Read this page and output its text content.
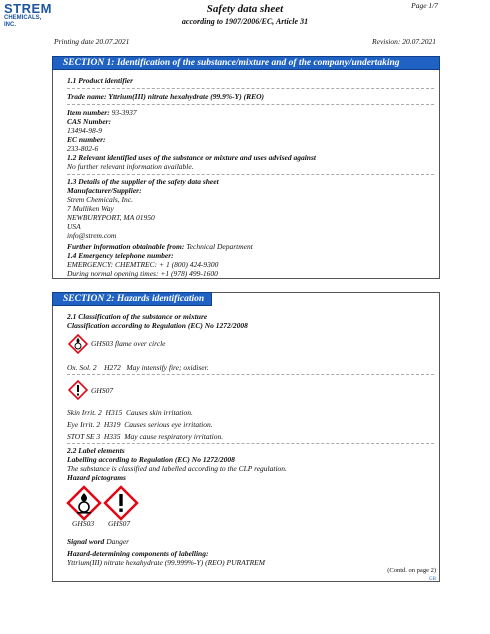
STREM
CHEMICALS, INC.
Safety data sheet
according to 1907/2006/EC, Article 31
Page 1/7
Printing date 20.07.2021	Revision: 20.07.2021
SECTION 1: Identification of the substance/mixture and of the company/undertaking
1.1 Product identifier
Trade name: Yttrium(III) nitrate hexahydrate (99.9%-Y) (REO)
Item number: 93-3937
CAS Number:
13494-98-9
EC number:
233-802-6
1.2 Relevant identified uses of the substance or mixture and uses advised against
No further relevant information available.
1.3 Details of the supplier of the safety data sheet
Manufacturer/Supplier:
Strem Chemicals, Inc.
7 Mulliken Way
NEWBURYPORT, MA 01950
USA
info@strem.com
Further information obtainable from: Technical Department
1.4 Emergency telephone number:
EMERGENCY: CHEMTREC: + 1 (800) 424-9300
During normal opening times: +1 (978) 499-1600
SECTION 2: Hazards identification
2.1 Classification of the substance or mixture
Classification according to Regulation (EC) No 1272/2008
GHS03 flame over circle
Ox. Sol. 2 H272 May intensify fire; oxidiser.
GHS07
Skin Irrit. 2 H315 Causes skin irritation.
Eye Irrit. 2 H319 Causes serious eye irritation.
STOT SE 3 H335 May cause respiratory irritation.
2.2 Label elements
Labelling according to Regulation (EC) No 1272/2008
The substance is classified and labelled according to the CLP regulation.
Hazard pictograms
GHS03 GHS07
Signal word Danger
Hazard-determining components of labelling:
Yttrium(III) nitrate hexahydrate (99.999%-Y) (REO) PURATREM
(Contd. on page 2)
GB
